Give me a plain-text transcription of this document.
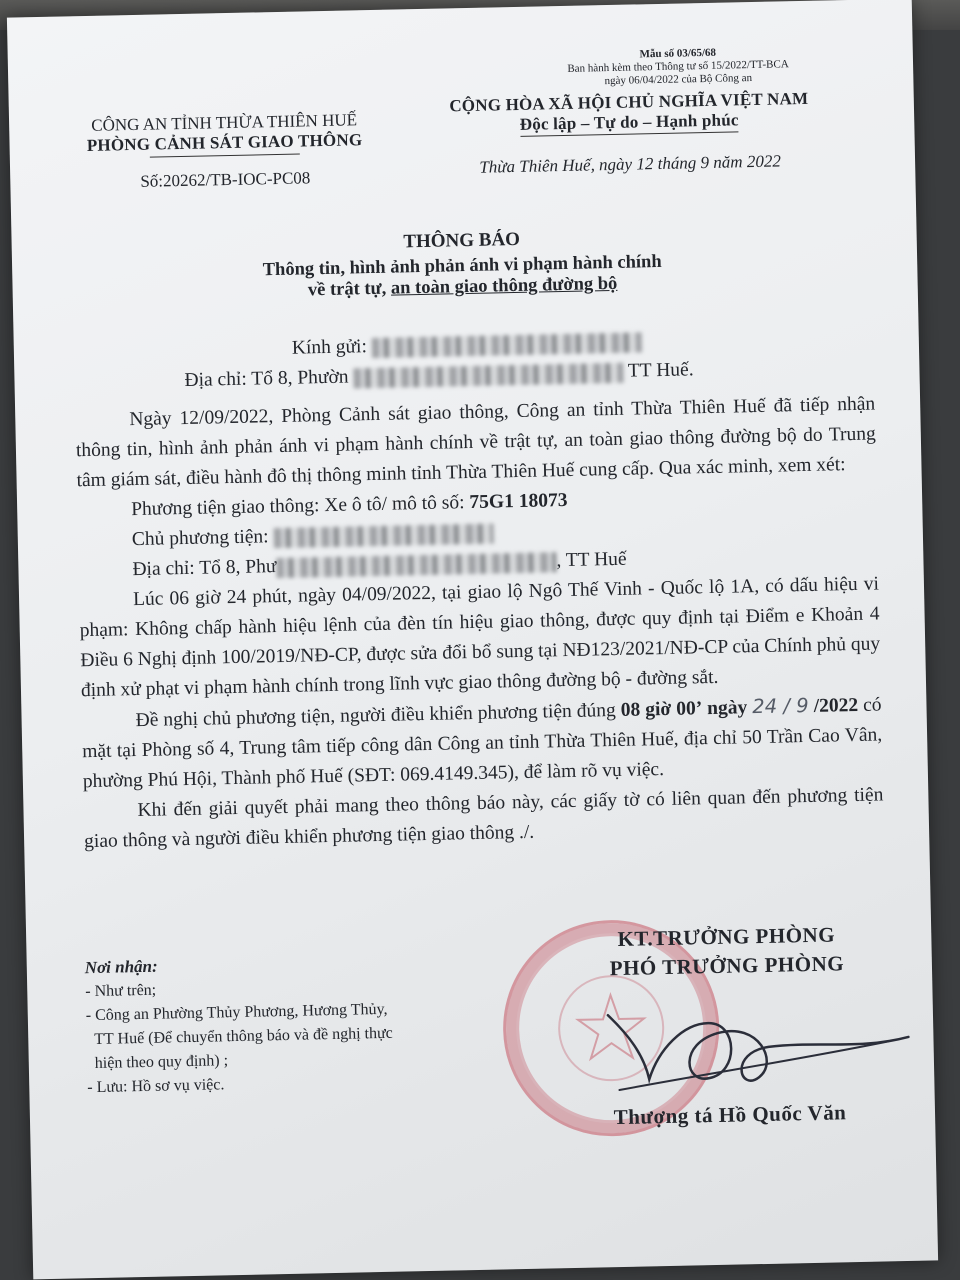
Mẫu số 03/65/68
Ban hành kèm theo Thông tư số 15/2022/TT-BCA
ngày 06/04/2022 của Bộ Công an
CÔNG AN TỈNH THỪA THIÊN HUẾ
PHÒNG CẢNH SÁT GIAO THÔNG
Số:20262/TB-IOC-PC08
CỘNG HÒA XÃ HỘI CHỦ NGHĨA VIỆT NAM
Độc lập – Tự do – Hạnh phúc
Thừa Thiên Huế, ngày 12 tháng 9 năm 2022
THÔNG BÁO
Thông tin, hình ảnh phản ánh vi phạm hành chính
về trật tự, an toàn giao thông đường bộ
Kính gửi:
Địa chỉ: Tổ 8, Phườn	TT Huế.
Ngày 12/09/2022, Phòng Cảnh sát giao thông, Công an tỉnh Thừa Thiên Huế đã tiếp nhận thông tin, hình ảnh phản ánh vi phạm hành chính về trật tự, an toàn giao thông đường bộ do Trung tâm giám sát, điều hành đô thị thông minh tỉnh Thừa Thiên Huế cung cấp. Qua xác minh, xem xét:
Phương tiện giao thông: Xe ô tô/ mô tô số: 75G1 18073
Chủ phương tiện:
Địa chỉ: Tổ 8, Phư	, TT Huế
Lúc 06 giờ 24 phút, ngày 04/09/2022, tại giao lộ Ngô Thế Vinh - Quốc lộ 1A, có dấu hiệu vi phạm: Không chấp hành hiệu lệnh của đèn tín hiệu giao thông, được quy định tại Điểm e Khoản 4 Điều 6 Nghị định 100/2019/NĐ-CP, được sửa đổi bổ sung tại NĐ123/2021/NĐ-CP của Chính phủ quy định xử phạt vi phạm hành chính trong lĩnh vực giao thông đường bộ - đường sắt.
Đề nghị chủ phương tiện, người điều khiển phương tiện đúng 08 giờ 00’ ngày 24 / 9 /2022 có mặt tại Phòng số 4, Trung tâm tiếp công dân Công an tỉnh Thừa Thiên Huế, địa chỉ 50 Trần Cao Vân, phường Phú Hội, Thành phố Huế (SĐT: 069.4149.345), để làm rõ vụ việc.
Khi đến giải quyết phải mang theo thông báo này, các giấy tờ có liên quan đến phương tiện giao thông và người điều khiển phương tiện giao thông ./.
Nơi nhận:
- Như trên;
- Công an Phường Thủy Phương, Hương Thủy,
TT Huế (Để chuyển thông báo và đề nghị thực
hiện theo quy định) ;
- Lưu: Hồ sơ vụ việc.
KT.TRƯỞNG PHÒNG
PHÓ TRƯỞNG PHÒNG
Thượng tá Hồ Quốc Văn
